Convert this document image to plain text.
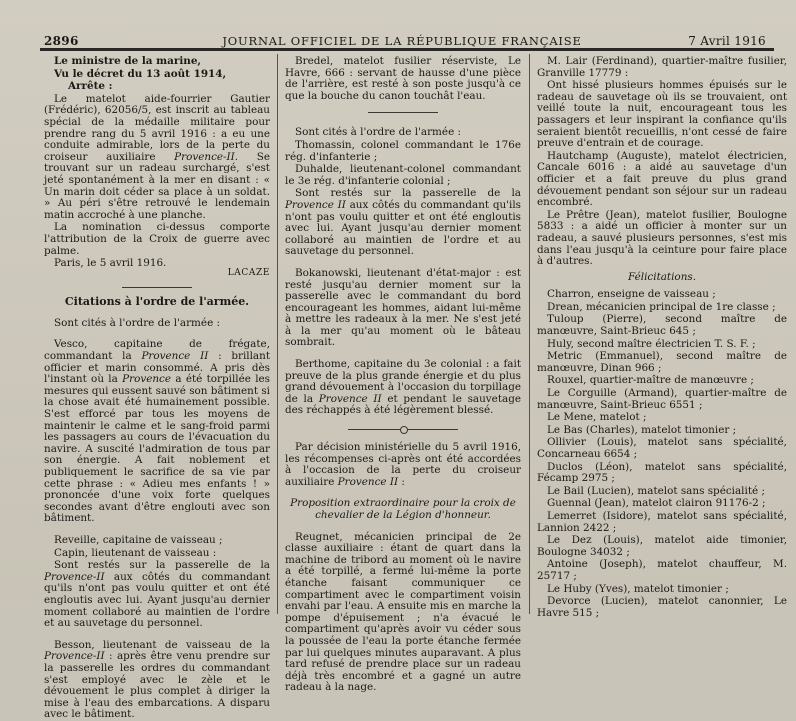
2896	JOURNAL OFFICIEL DE LA RÉPUBLIQUE FRANÇAISE	7 Avril 1916

Le ministre de la marine,

Vu le décret du 13 août 1914,

Arrête :

Le matelot aide-fourrier Gautier (Frédéric), 62056/5, est inscrit au tableau spécial de la médaille militaire pour prendre rang du 5 avril 1916 : a eu une conduite admirable, lors de la perte du croiseur auxiliaire Provence-II. Se trouvant sur un radeau surchargé, s'est jeté spontanément à la mer en disant : « Un marin doit céder sa place à un soldat. » Au péri s'être retrouvé le lendemain matin accroché à une planche.

La nomination ci-dessus comporte l'attribution de la Croix de guerre avec palme.

Paris, le 5 avril 1916.

LACAZE

Citations à l'ordre de l'armée.

Sont cités à l'ordre de l'armée :

Vesco, capitaine de frégate, commandant la Provence II : brillant officier et marin consommé. A pris dès l'instant où la Provence a été torpillée les mesures qui eussent sauvé son bâtiment si la chose avait été humainement possible. S'est efforcé par tous les moyens de maintenir le calme et le sang-froid parmi les passagers au cours de l'évacuation du navire. A suscité l'admiration de tous par son énergie. A fait noblement et publiquement le sacrifice de sa vie par cette phrase : « Adieu mes enfants ! » prononcée d'une voix forte quelques secondes avant d'être englouti avec son bâtiment.

Reveille, capitaine de vaisseau ;

Capin, lieutenant de vaisseau :

Sont restés sur la passerelle de la Provence-II aux côtés du commandant qu'ils n'ont pas voulu quitter et ont été engloutis avec lui. Ayant jusqu'au dernier moment collaboré au maintien de l'ordre et au sauvetage du personnel.

Besson, lieutenant de vaisseau de la Provence-II : après être venu prendre sur la passerelle les ordres du commandant s'est employé avec le zèle et le dévouement le plus complet à diriger la mise à l'eau des embarcations. A disparu avec le bâtiment.

Bredel, matelot fusilier réserviste, Le Havre, 666 : servant de hausse d'une pièce de l'arrière, est resté à son poste jusqu'à ce que la bouche du canon touchât l'eau.

Sont cités à l'ordre de l'armée :

Thomassin, colonel commandant le 176e rég. d'infanterie ;

Duhalde, lieutenant-colonel commandant le 3e rég. d'infanterie colonial ;

Sont restés sur la passerelle de la Provence II aux côtés du commandant qu'ils n'ont pas voulu quitter et ont été engloutis avec lui. Ayant jusqu'au dernier moment collaboré au maintien de l'ordre et au sauvetage du personnel.

Bokanowski, lieutenant d'état-major : est resté jusqu'au dernier moment sur la passerelle avec le commandant du bord encourageant les hommes, aidant lui-même à mettre les radeaux à la mer. Ne s'est jeté à la mer qu'au moment où le bâteau sombrait.

Berthome, capitaine du 3e colonial : a fait preuve de la plus grande énergie et du plus grand dévouement à l'occasion du torpillage de la Provence II et pendant le sauvetage des réchappés à été légèrement blessé.

Par décision ministérielle du 5 avril 1916, les récompenses ci-après ont été accordées à l'occasion de la perte du croiseur auxiliaire Provence II :

Proposition extraordinaire pour la croix de chevalier de la Légion d'honneur.

Reugnet, mécanicien principal de 2e classe auxiliaire : étant de quart dans la machine de tribord au moment où le navire a été torpillé, a fermé lui-même la porte étanche faisant communiquer ce compartiment avec le compartiment voisin envahi par l'eau. A ensuite mis en marche la pompe d'épuisement ; n'a évacué le compartiment qu'après avoir vu céder sous la poussée de l'eau la porte étanche fermée par lui quelques minutes auparavant. A plus tard refusé de prendre place sur un radeau déjà très encombré et a gagné un autre radeau à la nage.

M. Lair (Ferdinand), quartier-maître fusilier, Granville 17779 :

Ont hissé plusieurs hommes épuisés sur le radeau de sauvetage où ils se trouvaient, ont veillé toute la nuit, encourageant tous les passagers et leur inspirant la confiance qu'ils seraient bientôt recueillis, n'ont cessé de faire preuve d'entrain et de courage.

Hautchamp (Auguste), matelot électricien, Cancale 6016 : a aidé au sauvetage d'un officier et a fait preuve du plus grand dévouement pendant son séjour sur un radeau encombré.

Le Prêtre (Jean), matelot fusilier, Boulogne 5833 : a aidé un officier à monter sur un radeau, a sauvé plusieurs personnes, s'est mis dans l'eau jusqu'à la ceinture pour faire place à d'autres.

Félicitations.

Charron, enseigne de vaisseau ;

Drean, mécanicien principal de 1re classe ;

Tuloup (Pierre), second maître de manœuvre, Saint-Brieuc 645 ;

Huly, second maître électricien T. S. F. ;

Metric (Emmanuel), second maître de manœuvre, Dinan 966 ;

Rouxel, quartier-maître de manœuvre ;

Le Corguille (Armand), quartier-maître de manœuvre, Saint-Brieuc 6551 ;

Le Mene, matelot ;

Le Bas (Charles), matelot timonier ;

Ollivier (Louis), matelot sans spécialité, Concarneau 6654 ;

Duclos (Léon), matelot sans spécialité, Fécamp 2975 ;

Le Bail (Lucien), matelot sans spécialité ;

Guennal (Jean), matelot clairon 91176-2 ;

Lemerret (Isidore), matelot sans spécialité, Lannion 2422 ;

Le Dez (Louis), matelot aide timonier, Boulogne 34032 ;

Antoine (Joseph), matelot chauffeur, M. 25717 ;

Le Huby (Yves), matelot timonier ;

Devorce (Lucien), matelot canonnier, Le Havre 515 ;
